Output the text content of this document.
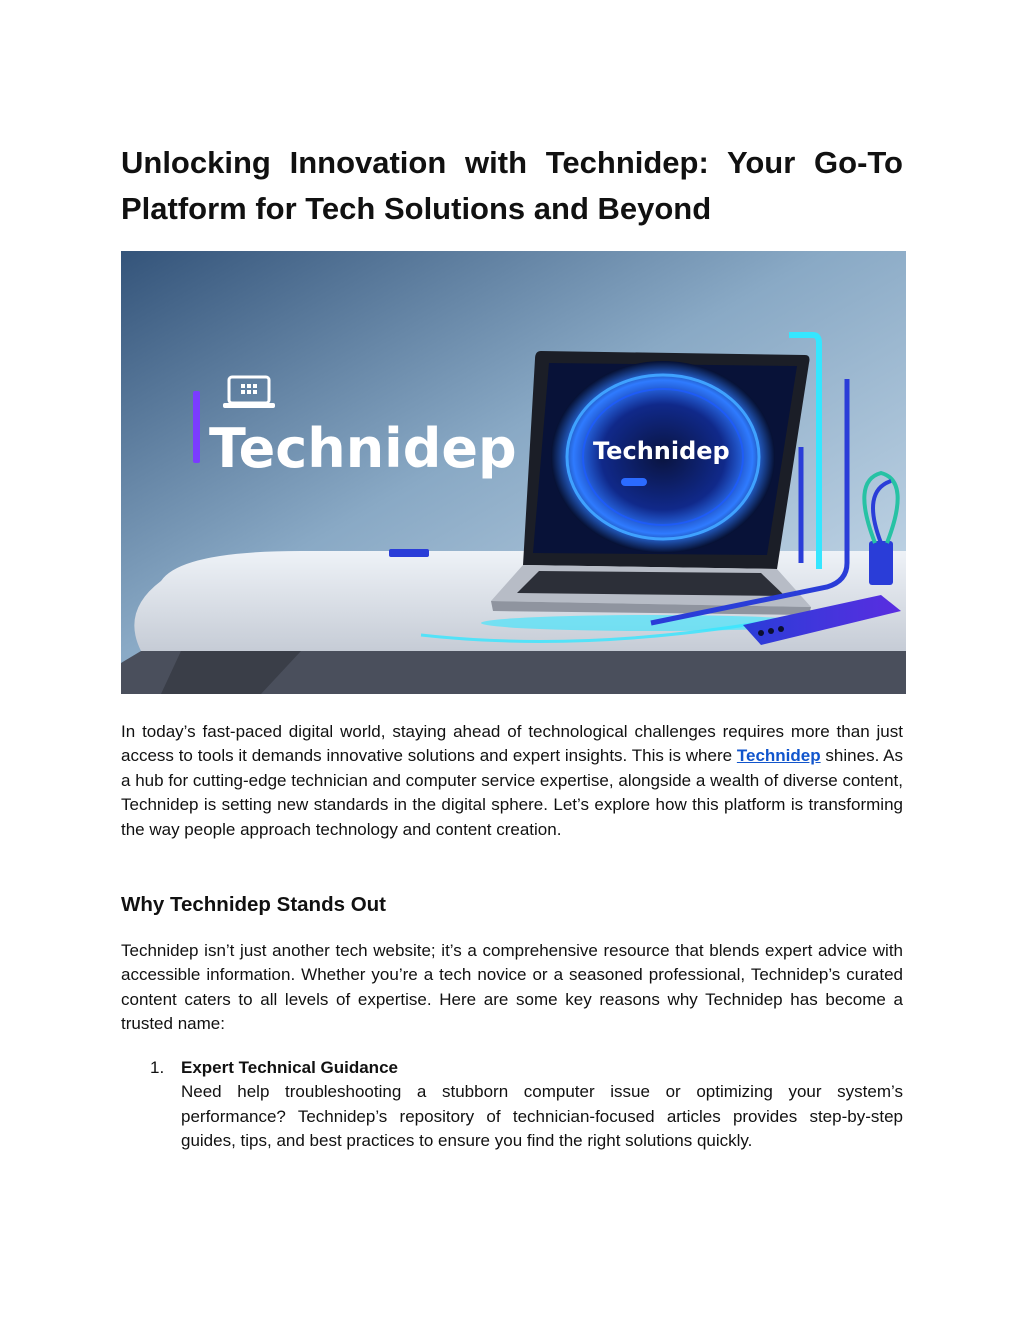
Unlocking Innovation with Technidep: Your Go-To Platform for Tech Solutions and Beyond
Technidep	Technidep

In today’s fast-paced digital world, staying ahead of technological challenges requires more than just access to tools it demands innovative solutions and expert insights. This is where Technidep shines. As a hub for cutting-edge technician and computer service expertise, alongside a wealth of diverse content, Technidep is setting new standards in the digital sphere. Let’s explore how this platform is transforming the way people approach technology and content creation.

Why Technidep Stands Out

Technidep isn’t just another tech website; it’s a comprehensive resource that blends expert advice with accessible information. Whether you’re a tech novice or a seasoned professional, Technidep’s curated content caters to all levels of expertise. Here are some key reasons why Technidep has become a trusted name:

1. Expert Technical Guidance
Need help troubleshooting a stubborn computer issue or optimizing your system’s performance? Technidep’s repository of technician-focused articles provides step-by-step guides, tips, and best practices to ensure you find the right solutions quickly.
